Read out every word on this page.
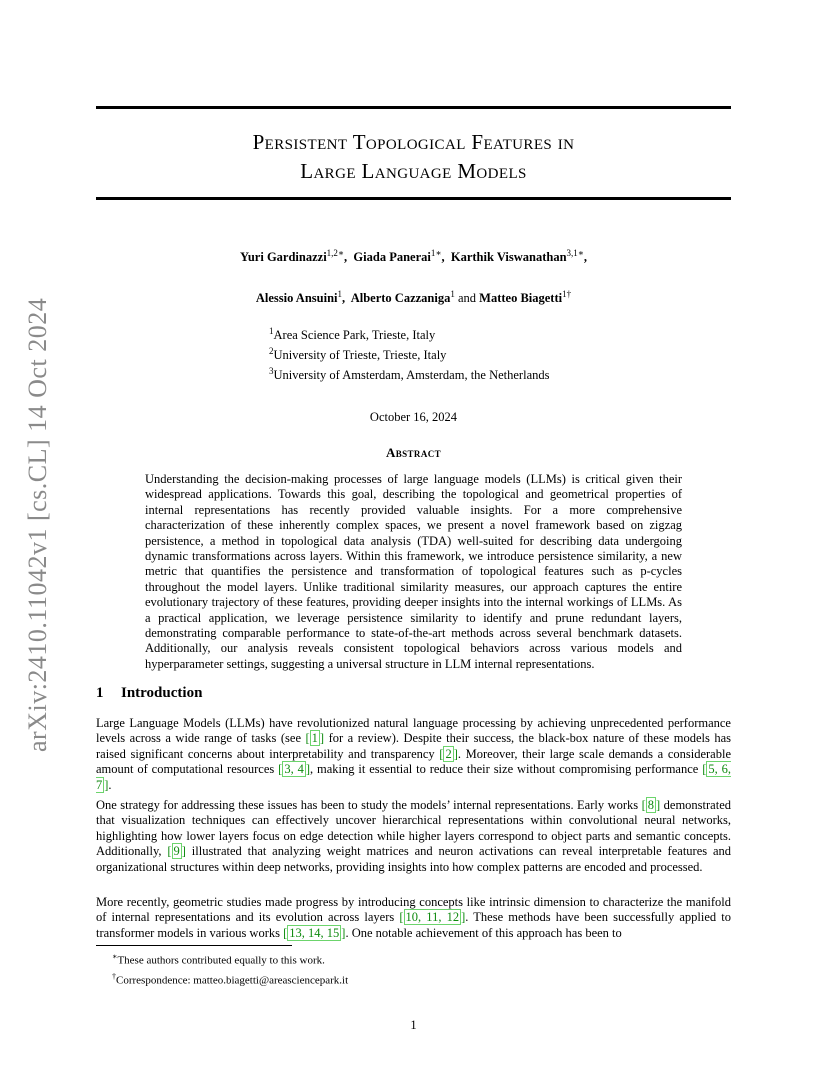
arXiv:2410.11042v1 [cs.CL] 14 Oct 2024
Persistent Topological Features in
Large Language Models
Yuri Gardinazzi$^{1,2∗}$,  Giada Panerai$^{1∗}$,  Karthik Viswanathan$^{3,1∗}$,
Alessio Ansuini$^1$,  Alberto Cazzaniga$^1$ and Matteo Biagetti$^{1\dagger}$
$^1$Area Science Park, Trieste, Italy
$^2$University of Trieste, Trieste, Italy
$^3$University of Amsterdam, Amsterdam, the Netherlands
October 16, 2024
Abstract
Understanding the decision-making processes of large language models (LLMs) is critical given their widespread applications. Towards this goal, describing the topological and geometrical properties of internal representations has recently provided valuable insights. For a more comprehensive characterization of these inherently complex spaces, we present a novel framework based on zigzag persistence, a method in topological data analysis (TDA) well-suited for describing data undergoing dynamic transformations across layers. Within this framework, we introduce persistence similarity, a new metric that quantifies the persistence and transformation of topological features such as p-cycles throughout the model layers. Unlike traditional similarity measures, our approach captures the entire evolutionary trajectory of these features, providing deeper insights into the internal workings of LLMs. As a practical application, we leverage persistence similarity to identify and prune redundant layers, demonstrating comparable performance to state-of-the-art methods across several benchmark datasets. Additionally, our analysis reveals consistent topological behaviors across various models and hyperparameter settings, suggesting a universal structure in LLM internal representations.
1 Introduction
Large Language Models (LLMs) have revolutionized natural language processing by achieving unprecedented performance levels across a wide range of tasks (see [ 1 ] for a review). Despite their success, the black-box nature of these models has raised significant concerns about interpretability and transparency [ 2 ]. Moreover, their large scale demands a considerable amount of computational resources [ 3, 4 ], making it essential to reduce their size without compromising performance [ 5, 6, 7 ].
One strategy for addressing these issues has been to study the models’ internal representations. Early works [ 8 ] demonstrated that visualization techniques can effectively uncover hierarchical representations within convolutional neural networks, highlighting how lower layers focus on edge detection while higher layers correspond to object parts and semantic concepts. Additionally, [ 9 ] illustrated that analyzing weight matrices and neuron activations can reveal interpretable features and organizational structures within deep networks, providing insights into how complex patterns are encoded and processed.
More recently, geometric studies made progress by introducing concepts like intrinsic dimension to characterize the manifold of internal representations and its evolution across layers [ 10, 11, 12 ]. These methods have been successfully applied to transformer models in various works [ 13, 14, 15 ]. One notable achievement of this approach has been to
∗These authors contributed equally to this work.
†Correspondence: matteo.biagetti@areasciencepark.it
1
